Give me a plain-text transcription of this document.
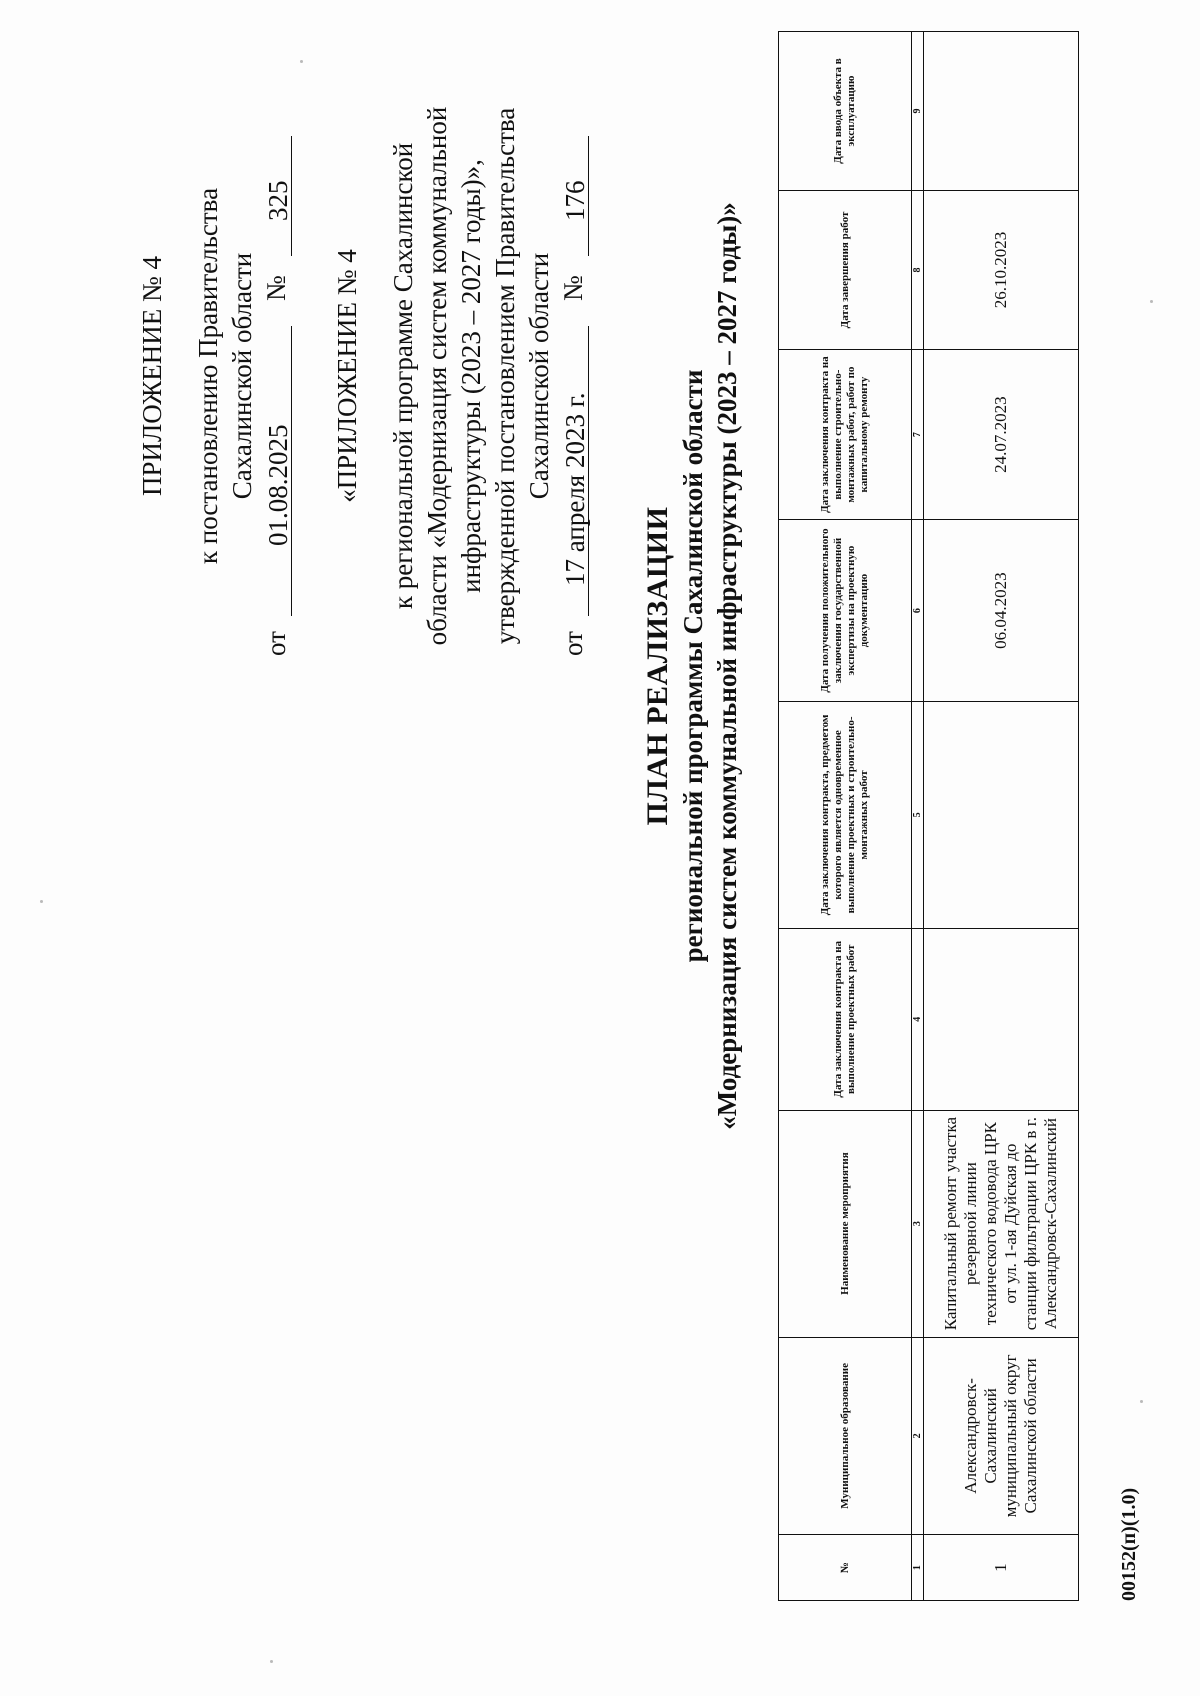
ПРИЛОЖЕНИЕ № 4 к постановлению Правительства Сахалинской области
от
01.08.2025
№
325
«ПРИЛОЖЕНИЕ № 4 к региональной программе Сахалинской области «Модернизация систем коммунальной инфраструктуры (2023 – 2027 годы)», утвержденной постановлением Правительства Сахалинской области
от
17 апреля 2023 г.
№
176
ПЛАН РЕАЛИЗАЦИИ региональной программы Сахалинской области «Модернизация систем коммунальной инфраструктуры (2023 – 2027 годы)»
№	Муниципальное образование	Наименование мероприятия	Дата заключения контракта на выполнение проектных работ	Дата заключения контракта, предметом которого является одновременное выполнение проектных и строительно-монтажных работ	Дата получения положительного заключения государственной экспертизы на проектную документацию	Дата заключения контракта на выполнение строительно-монтажных работ, работ по капитальному ремонту	Дата завершения работ	Дата ввода объекта в эксплуатацию
1	2	3	4	5	6	7	8	9
1	Александровск-Сахалинский муниципальный округ Сахалинской области	Капитальный ремонт участка резервной линии технического водовода ЦРК от ул. 1-ая Дуйская до станции фильтрации ЦРК в г. Александровск-Сахалинский			06.04.2023	24.07.2023	26.10.2023	
00152(п)(1.0)
